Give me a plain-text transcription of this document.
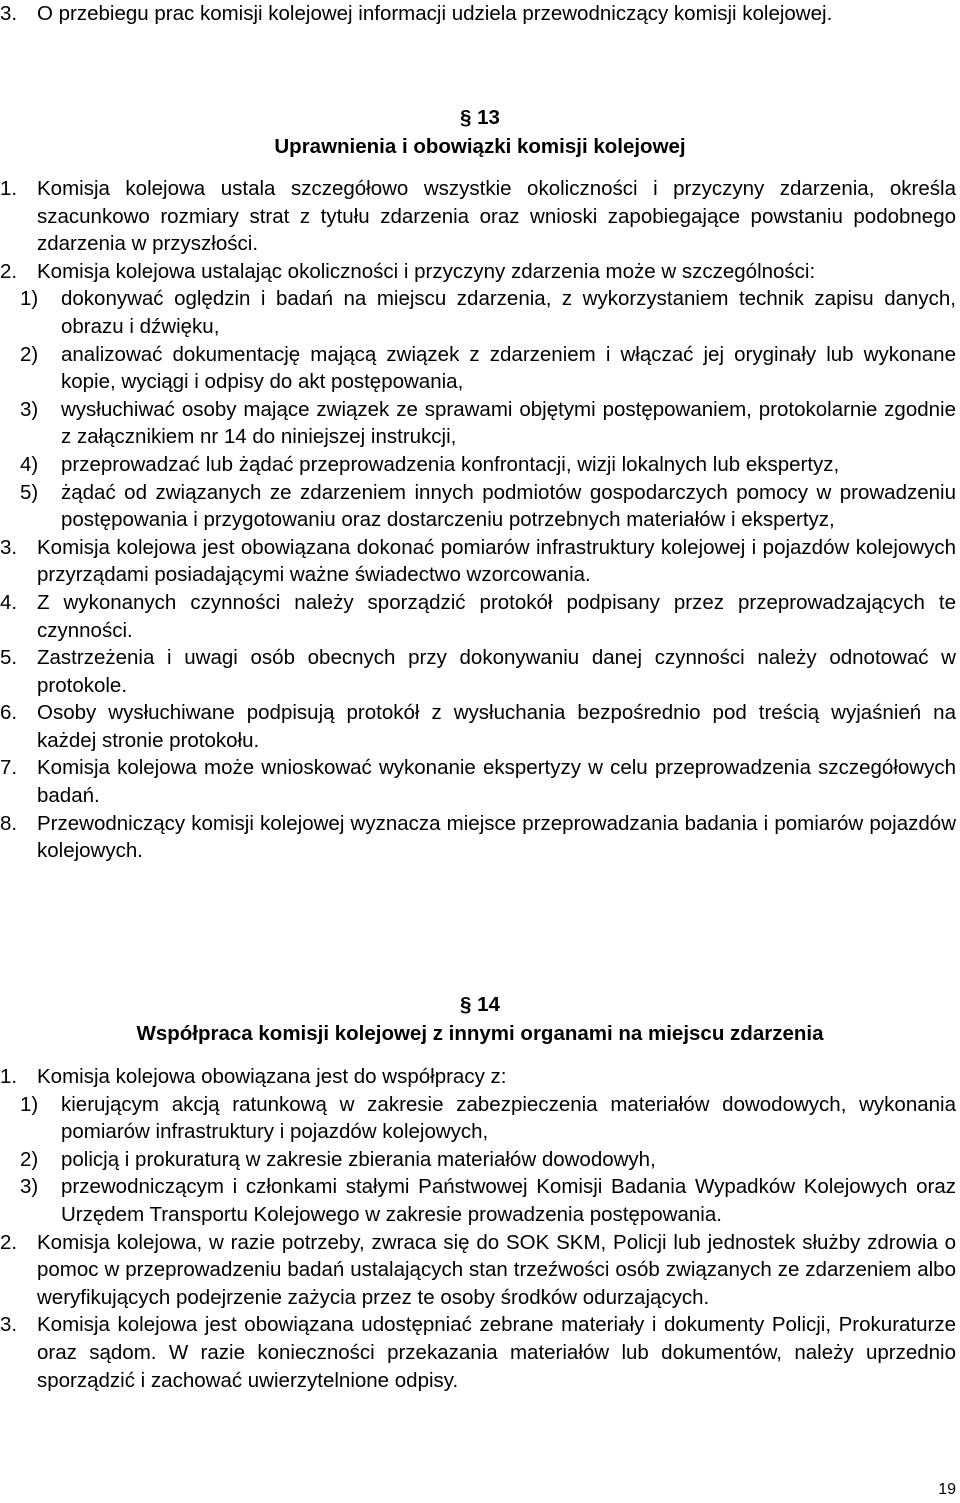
3. O przebiegu prac komisji kolejowej informacji udziela przewodniczący komisji kolejowej.

§ 13

Uprawnienia i obowiązki komisji kolejowej

1. Komisja kolejowa ustala szczegółowo wszystkie okoliczności i przyczyny zdarzenia, określa szacunkowo rozmiary strat z tytułu zdarzenia oraz wnioski zapobiegające powstaniu podobnego zdarzenia w przyszłości.

2. Komisja kolejowa ustalając okoliczności i przyczyny zdarzenia może w szczególności:

1) dokonywać oględzin i badań na miejscu zdarzenia, z wykorzystaniem technik zapisu danych, obrazu i dźwięku,

2) analizować dokumentację mającą związek z zdarzeniem i włączać jej oryginały lub wykonane kopie, wyciągi i odpisy do akt postępowania,

3) wysłuchiwać osoby mające związek ze sprawami objętymi postępowaniem, protokolarnie zgodnie z załącznikiem nr 14 do niniejszej instrukcji,

4) przeprowadzać lub żądać przeprowadzenia konfrontacji, wizji lokalnych lub ekspertyz,

5) żądać od związanych ze zdarzeniem innych podmiotów gospodarczych pomocy w prowadzeniu postępowania i przygotowaniu oraz dostarczeniu potrzebnych materiałów i ekspertyz,

3. Komisja kolejowa jest obowiązana dokonać pomiarów infrastruktury kolejowej i pojazdów kolejowych przyrządami posiadającymi ważne świadectwo wzorcowania.

4. Z wykonanych czynności należy sporządzić protokół podpisany przez przeprowadzających te czynności.

5. Zastrzeżenia i uwagi osób obecnych przy dokonywaniu danej czynności należy odnotować w protokole.

6. Osoby wysłuchiwane podpisują protokół z wysłuchania bezpośrednio pod treścią wyjaśnień na każdej stronie protokołu.

7. Komisja kolejowa może wnioskować wykonanie ekspertyzy w celu przeprowadzenia szczegółowych badań.

8. Przewodniczący komisji kolejowej wyznacza miejsce przeprowadzania badania i pomiarów pojazdów kolejowych.

§ 14

Współpraca komisji kolejowej z innymi organami na miejscu zdarzenia

1. Komisja kolejowa obowiązana jest do współpracy z:

1) kierującym akcją ratunkową w zakresie zabezpieczenia materiałów dowodowych, wykonania pomiarów infrastruktury i pojazdów kolejowych,

2) policją i prokuraturą w zakresie zbierania materiałów dowodowyh,

3) przewodniczącym i członkami stałymi Państwowej Komisji Badania Wypadków Kolejowych oraz Urzędem Transportu Kolejowego w zakresie prowadzenia postępowania.

2. Komisja kolejowa, w razie potrzeby, zwraca się do SOK SKM, Policji lub jednostek służby zdrowia o pomoc w przeprowadzeniu badań ustalających stan trzeźwości osób związanych ze zdarzeniem albo weryfikujących podejrzenie zażycia przez te osoby środków odurzających.

3. Komisja kolejowa jest obowiązana udostępniać zebrane materiały i dokumenty Policji, Prokuraturze oraz sądom. W razie konieczności przekazania materiałów lub dokumentów, należy uprzednio sporządzić i zachować uwierzytelnione odpisy.

19
